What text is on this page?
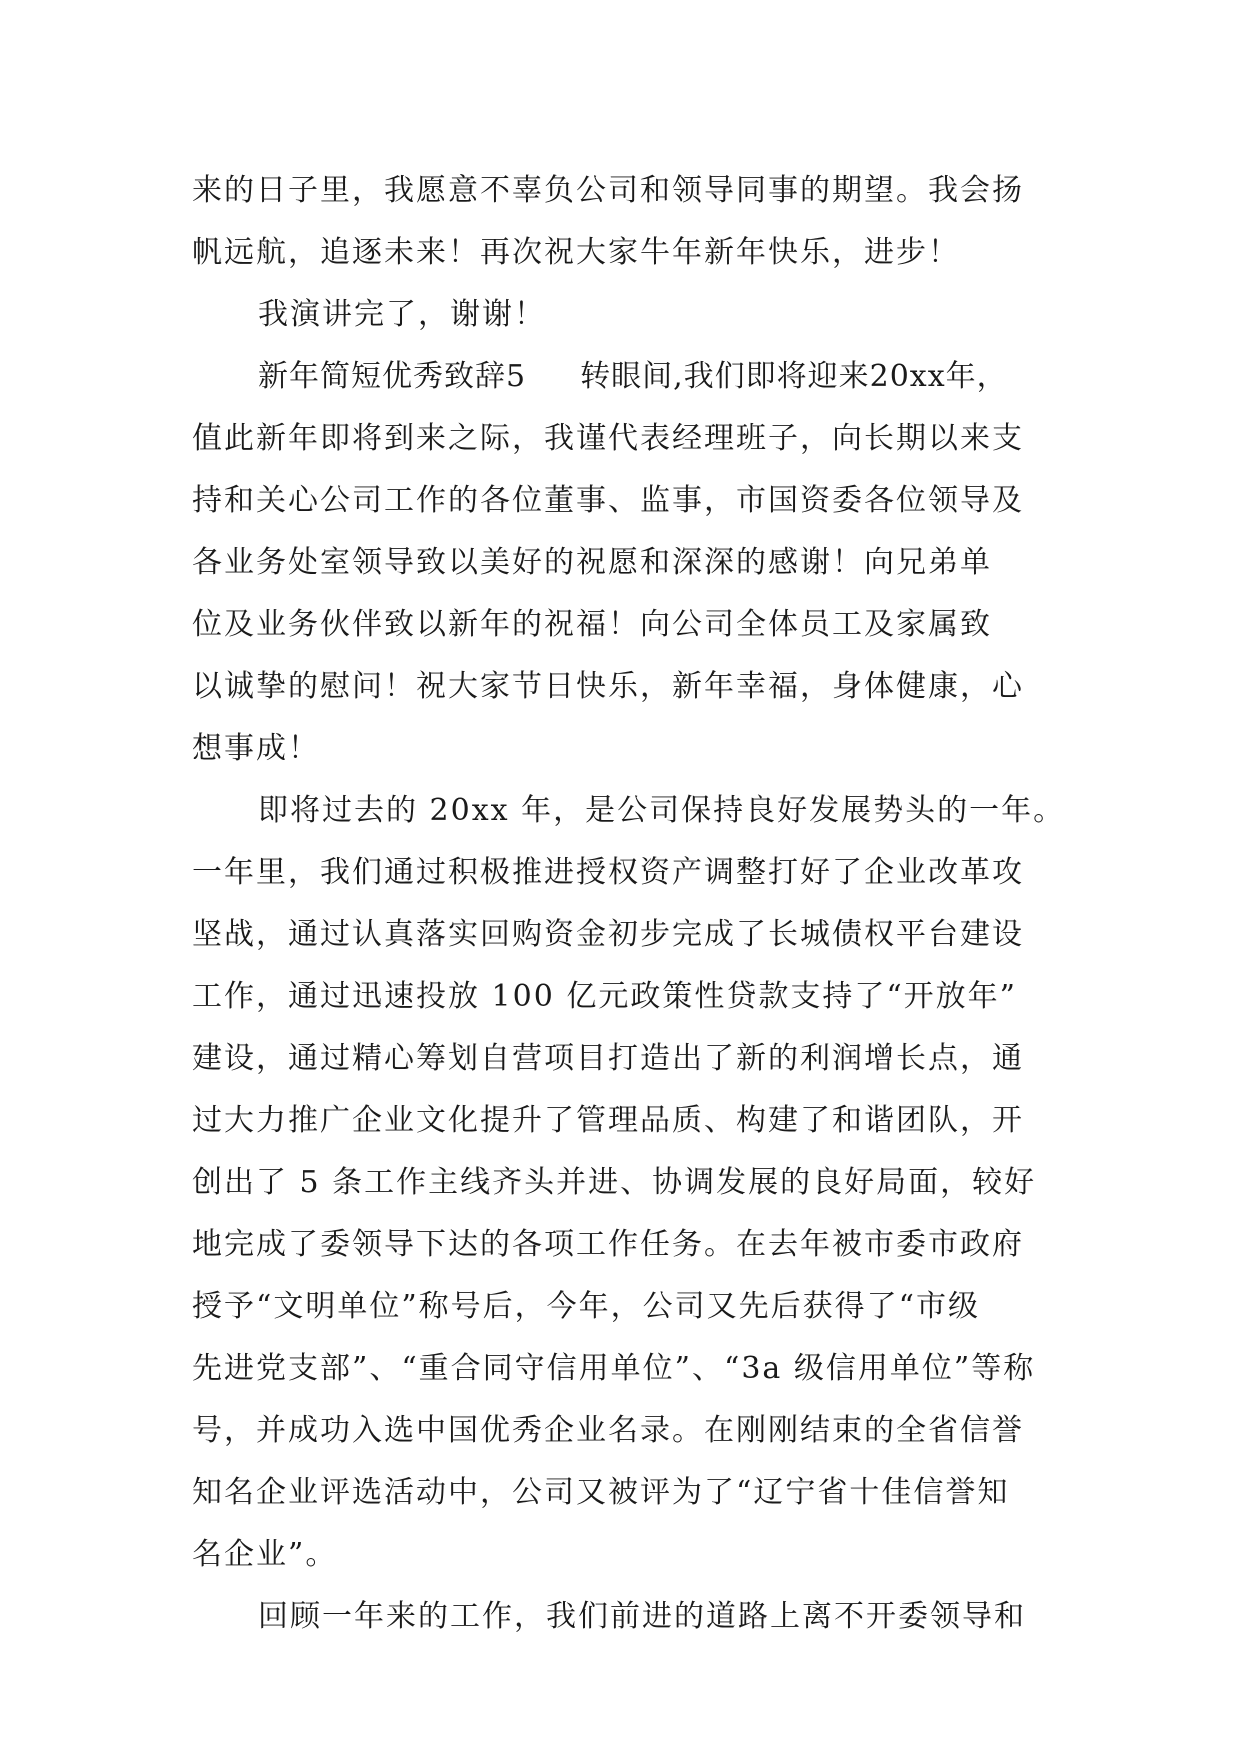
来的日子里，我愿意不辜负公司和领导同事的期望。我会扬
帆远航，追逐未来！再次祝大家牛年新年快乐，进步！
我演讲完了，谢谢！
新年简短优秀致辞5 转眼间,我们即将迎来20xx年，
值此新年即将到来之际，我谨代表经理班子，向长期以来支
持和关心公司工作的各位董事、监事，市国资委各位领导及
各业务处室领导致以美好的祝愿和深深的感谢！向兄弟单
位及业务伙伴致以新年的祝福！向公司全体员工及家属致
以诚挚的慰问！祝大家节日快乐，新年幸福，身体健康，心
想事成！
即将过去的 20xx 年，是公司保持良好发展势头的一年。
一年里，我们通过积极推进授权资产调整打好了企业改革攻
坚战，通过认真落实回购资金初步完成了长城债权平台建设
工作，通过迅速投放 100 亿元政策性贷款支持了“开放年”
建设，通过精心筹划自营项目打造出了新的利润增长点，通
过大力推广企业文化提升了管理品质、构建了和谐团队，开
创出了 5 条工作主线齐头并进、协调发展的良好局面，较好
地完成了委领导下达的各项工作任务。在去年被市委市政府
授予“文明单位”称号后，今年，公司又先后获得了“市级
先进党支部”、“重合同守信用单位”、“3a 级信用单位”等称
号，并成功入选中国优秀企业名录。在刚刚结束的全省信誉
知名企业评选活动中，公司又被评为了“辽宁省十佳信誉知
名企业”。
回顾一年来的工作，我们前进的道路上离不开委领导和
